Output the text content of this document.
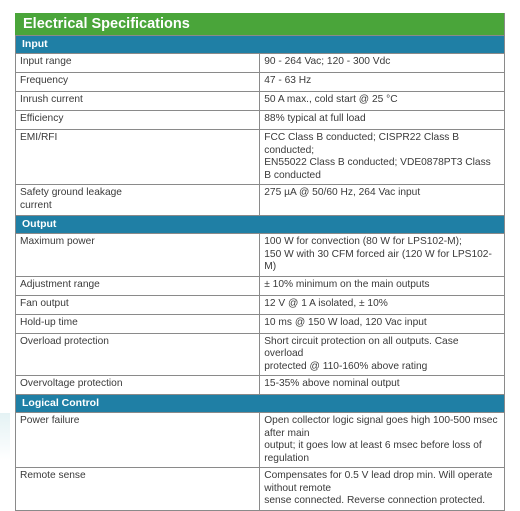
Electrical Specifications
Input	
Input range	90 - 264 Vac; 120 - 300 Vdc
Frequency	47 - 63 Hz
Inrush current	50 A max., cold start @ 25 °C
Efficiency	88% typical at full load
EMI/RFI	FCC Class B conducted; CISPR22 Class B conducted;
EN55022 Class B conducted; VDE0878PT3 Class B conducted
Safety ground leakage
current	275 µA @ 50/60 Hz, 264 Vac input
Output	
Maximum power	100 W for convection (80 W for LPS102-M);
150 W with 30 CFM forced air (120 W for LPS102-M)
Adjustment range	± 10% minimum on the main outputs
Fan output	12 V @ 1 A isolated, ± 10%
Hold-up time	10 ms @ 150 W load, 120 Vac input
Overload protection	Short circuit protection on all outputs. Case overload
protected @ 110-160% above rating
Overvoltage protection	15-35% above nominal output
Logical Control	
Power failure	Open collector logic signal goes high 100-500 msec after main
output; it goes low at least 6 msec before loss of regulation
Remote sense	Compensates for 0.5 V lead drop min. Will operate without remote
sense connected. Reverse connection protected.
